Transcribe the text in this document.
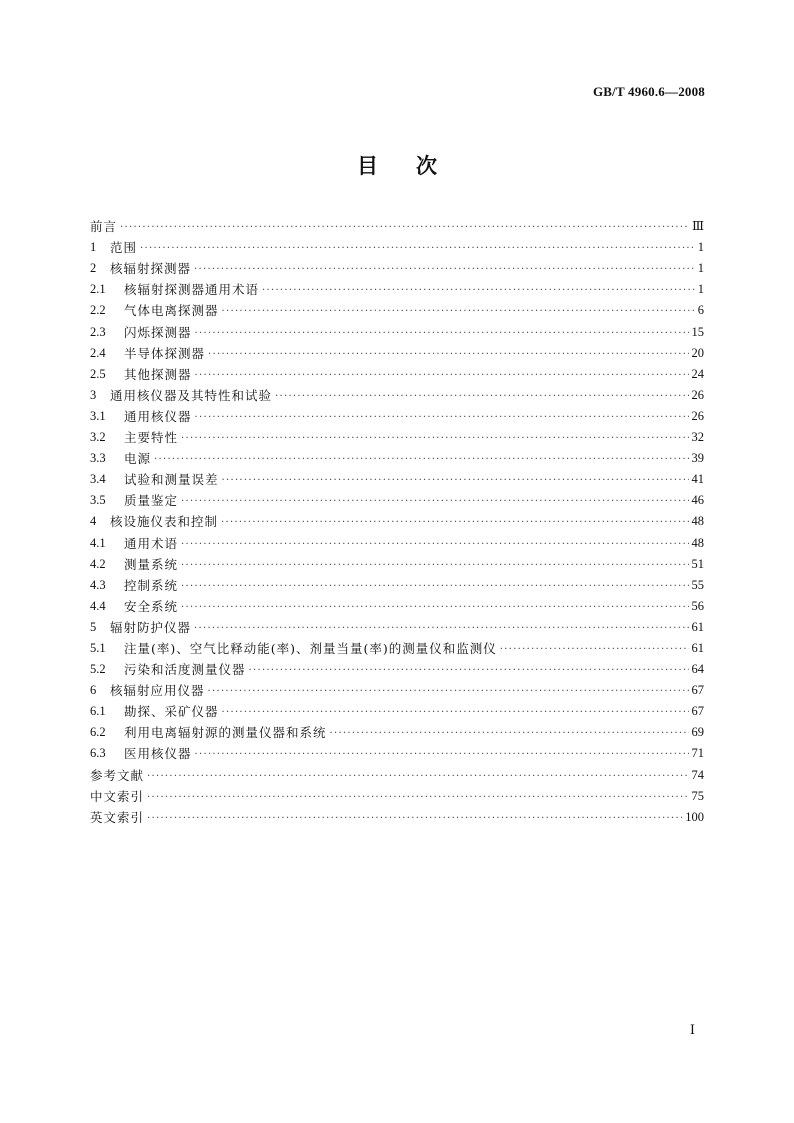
GB/T 4960.6—2008
目次
前言 ·····	Ⅲ
1	范围 ·····	1
2	核辐射探测器 ·····	1
2.1	核辐射探测器通用术语 ·····	1
2.2	气体电离探测器 ·····	6
2.3	闪烁探测器 ·····	15
2.4	半导体探测器 ·····	20
2.5	其他探测器 ·····	24
3	通用核仪器及其特性和试验 ·····	26
3.1	通用核仪器 ·····	26
3.2	主要特性 ·····	32
3.3	电源 ·····	39
3.4	试验和测量误差 ·····	41
3.5	质量鉴定 ·····	46
4	核设施仪表和控制 ·····	48
4.1	通用术语 ·····	48
4.2	测量系统 ·····	51
4.3	控制系统 ·····	55
4.4	安全系统 ·····	56
5	辐射防护仪器 ·····	61
5.1	注量(率)、空气比释动能(率)、剂量当量(率)的测量仪和监测仪 ·····	61
5.2	污染和活度测量仪器 ·····	64
6	核辐射应用仪器 ·····	67
6.1	勘探、采矿仪器 ·····	67
6.2	利用电离辐射源的测量仪器和系统 ·····	69
6.3	医用核仪器 ·····	71
参考文献 ·····	74
中文索引 ·····	75
英文索引 ·····	100
Ⅰ
